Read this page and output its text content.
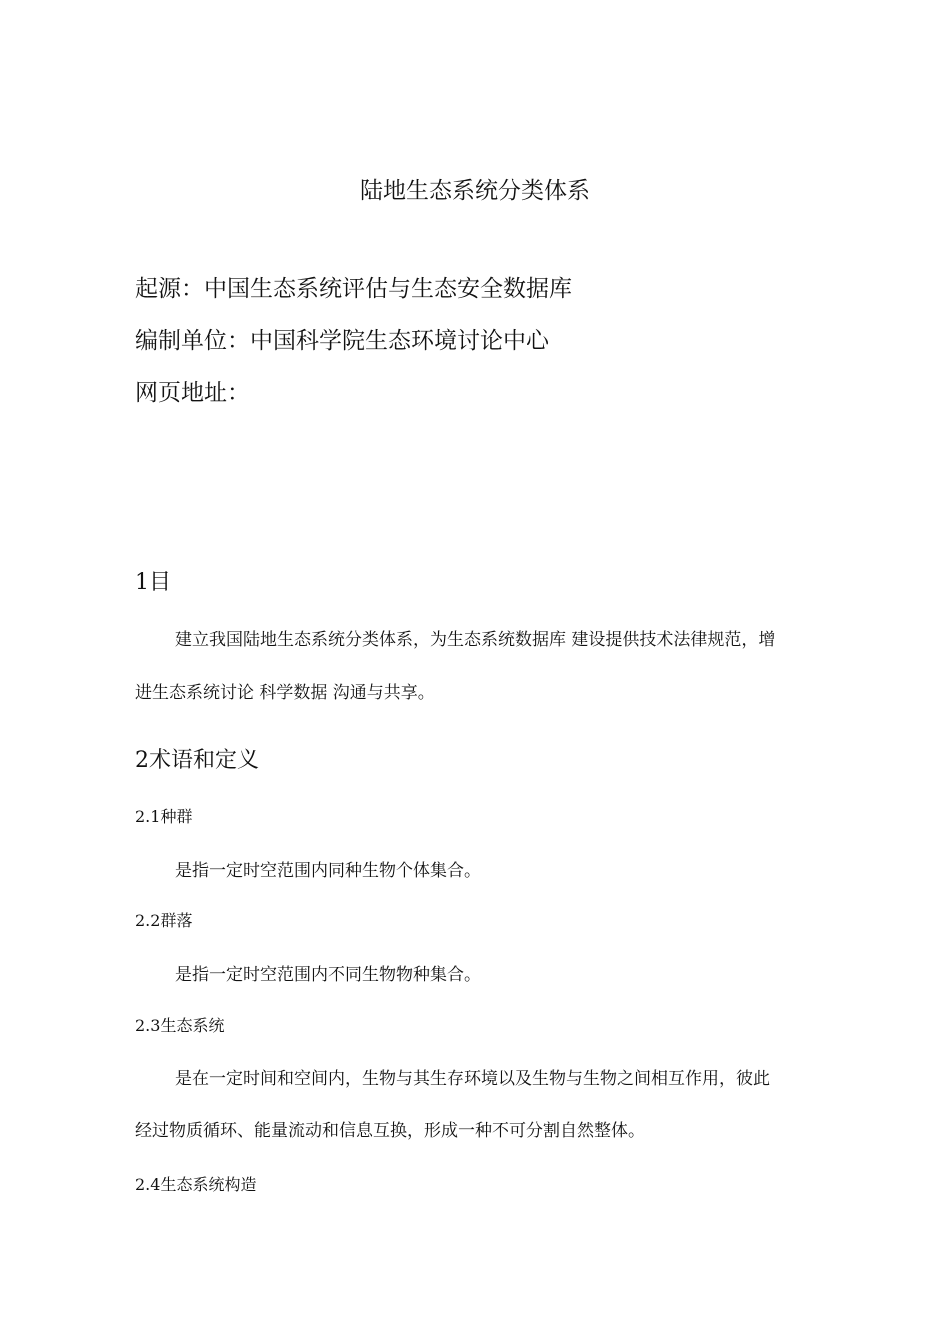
陆地生态系统分类体系
起源：中国生态系统评估与生态安全数据库
编制单位：中国科学院生态环境讨论中心
网页地址：
1目
建立我国陆地生态系统分类体系，为生态系统数据库 建设提供技术法律规范，增
进生态系统讨论 科学数据 沟通与共享。
2术语和定义
2.1种群
是指一定时空范围内同种生物个体集合。
2.2群落
是指一定时空范围内不同生物物种集合。
2.3生态系统
是在一定时间和空间内，生物与其生存环境以及生物与生物之间相互作用，彼此
经过物质循环、能量流动和信息互换，形成一种不可分割自然整体。
2.4生态系统构造
